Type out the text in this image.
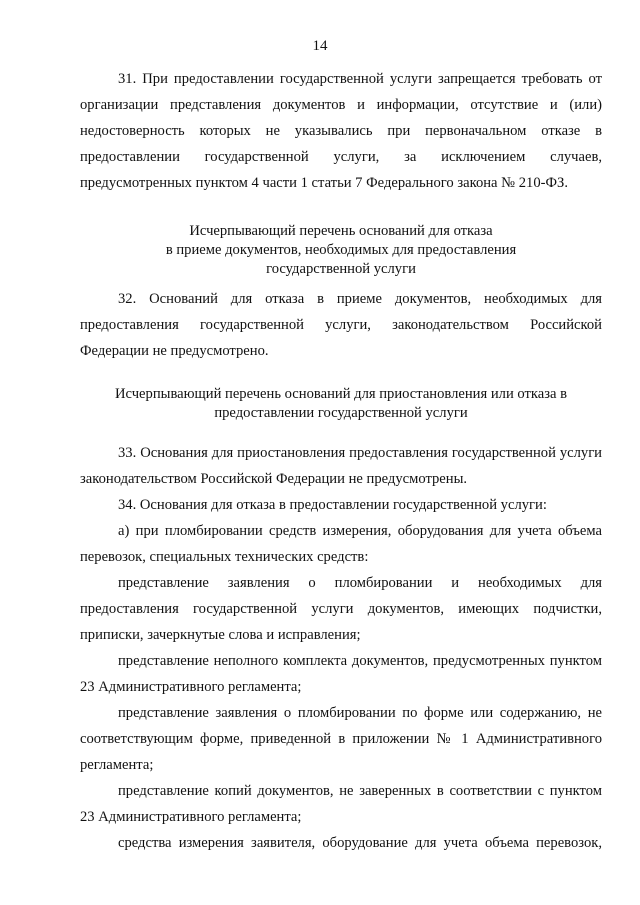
14

31. При предоставлении государственной услуги запрещается требовать от организации представления документов и информации, отсутствие и (или) недостоверность которых не указывались при первоначальном отказе в предоставлении государственной услуги, за исключением случаев, предусмотренных пунктом 4 части 1 статьи 7 Федерального закона № 210-ФЗ.

Исчерпывающий перечень оснований для отказа
в приеме документов, необходимых для предоставления
государственной услуги

32. Оснований для отказа в приеме документов, необходимых для предоставления государственной услуги, законодательством Российской Федерации не предусмотрено.

Исчерпывающий перечень оснований для приостановления или отказа в
предоставлении государственной услуги

33. Основания для приостановления предоставления государственной услуги законодательством Российской Федерации не предусмотрены.

34. Основания для отказа в предоставлении государственной услуги:

а) при пломбировании средств измерения, оборудования для учета объема перевозок, специальных технических средств:

представление заявления о пломбировании и необходимых для предоставления государственной услуги документов, имеющих подчистки, приписки, зачеркнутые слова и исправления;

представление неполного комплекта документов, предусмотренных пунктом 23 Административного регламента;

представление заявления о пломбировании по форме или содержанию, не соответствующим форме, приведенной в приложении № 1 Административного регламента;

представление копий документов, не заверенных в соответствии с пунктом 23 Административного регламента;

средства измерения заявителя, оборудование для учета объема перевозок,
